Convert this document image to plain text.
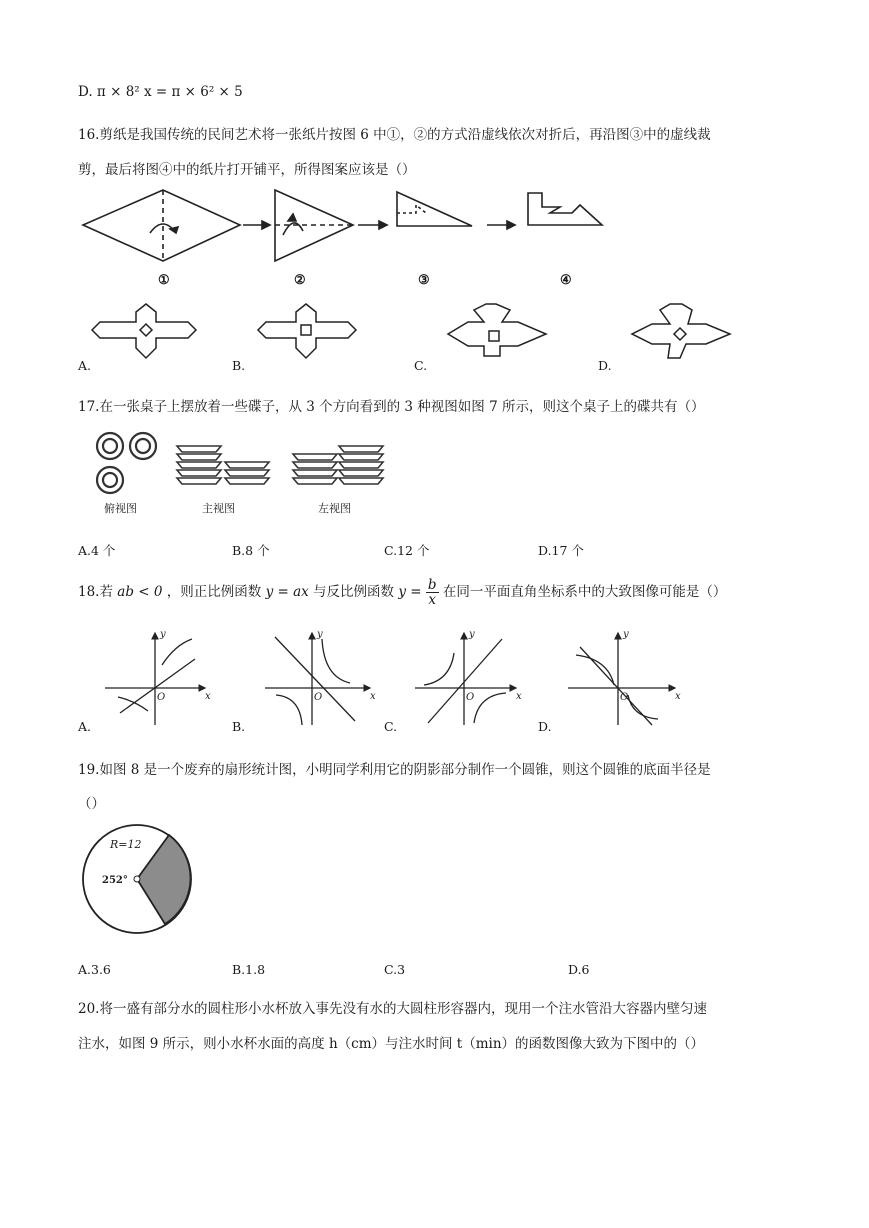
D. π × 8² x = π × 6² × 5
16.剪纸是我国传统的民间艺术将一张纸片按图 6 中①，②的方式沿虚线依次对折后，再沿图③中的虚线裁
剪，最后将图④中的纸片打开铺平，所得图案应该是（）
①	②	③	④
A.	B.	C.	D.
17.在一张桌子上摆放着一些碟子，从 3 个方向看到的 3 种视图如图 7 所示，则这个桌子上的碟共有（）
俯视图	主视图	左视图
A.4 个	B.8 个	C.12 个	D.17 个
18.若 ab < 0 ，则正比例函数 y = ax 与反比例函数 $y = \frac{b}{x}$ 在同一平面直角坐标系中的大致图像可能是（）
y
x
O
y
x
O
y
x
O
y
x
O
A.	B.	C.	D.
19.如图 8 是一个废弃的扇形统计图，小明同学利用它的阴影部分制作一个圆锥，则这个圆锥的底面半径是
（）
R=12
252°
A.3.6	B.1.8	C.3	D.6
20.将一盛有部分水的圆柱形小水杯放入事先没有水的大圆柱形容器内，现用一个注水管沿大容器内壁匀速
注水，如图 9 所示，则小水杯水面的高度 h（cm）与注水时间 t（min）的函数图像大致为下图中的（）
